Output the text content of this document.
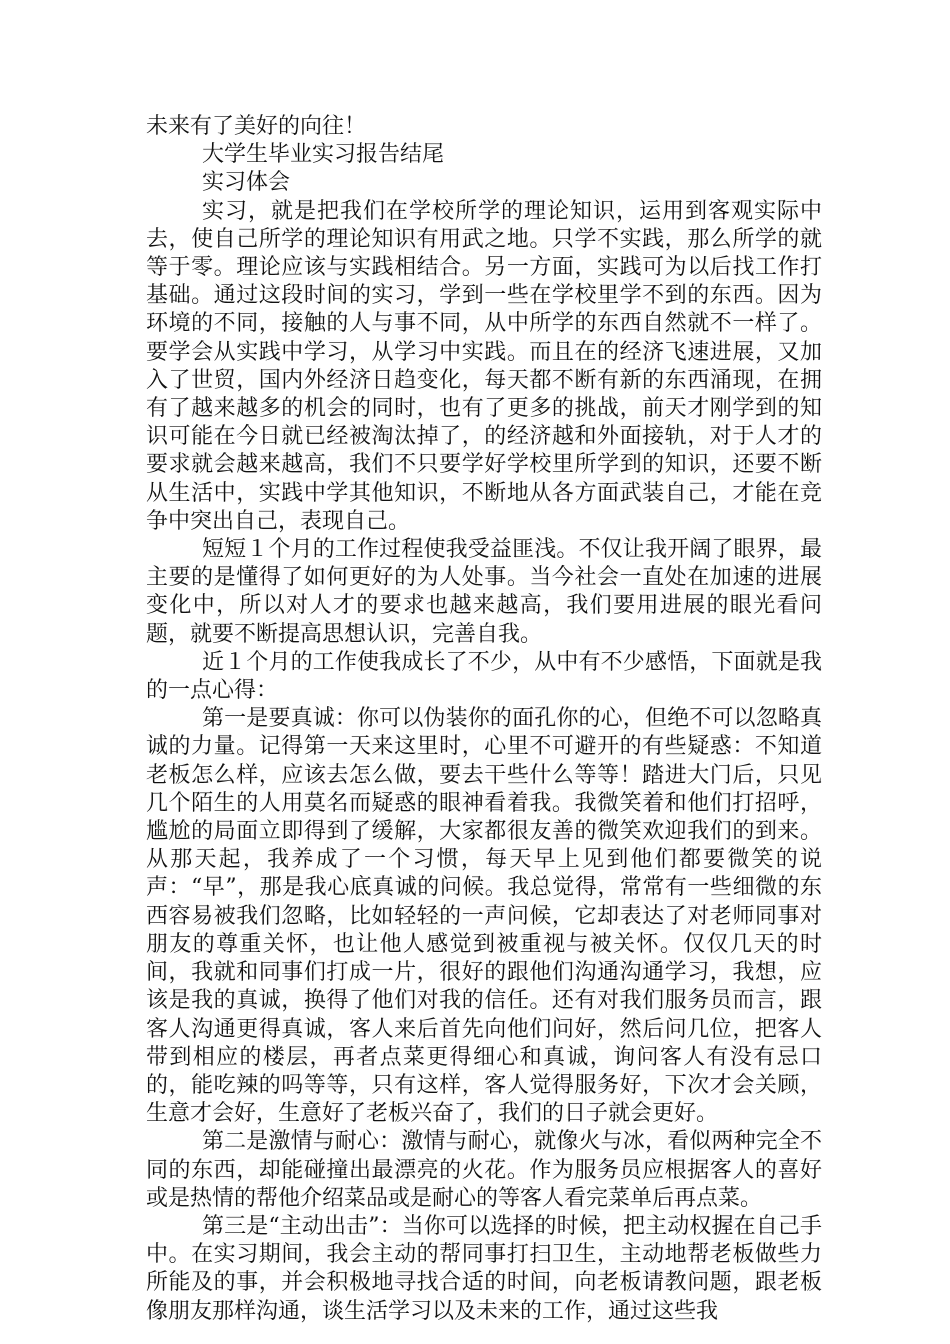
未来有了美好的向往！

大学生毕业实习报告结尾

实习体会

实习，就是把我们在学校所学的理论知识，运用到客观实际中去，使自己所学的理论知识有用武之地。只学不实践，那么所学的就等于零。理论应该与实践相结合。另一方面，实践可为以后找工作打基础。通过这段时间的实习，学到一些在学校里学不到的东西。因为环境的不同，接触的人与事不同，从中所学的东西自然就不一样了。要学会从实践中学习，从学习中实践。而且在的经济飞速进展，又加入了世贸，国内外经济日趋变化，每天都不断有新的东西涌现，在拥有了越来越多的机会的同时，也有了更多的挑战，前天才刚学到的知识可能在今日就已经被淘汰掉了，的经济越和外面接轨，对于人才的要求就会越来越高，我们不只要学好学校里所学到的知识，还要不断从生活中，实践中学其他知识，不断地从各方面武装自己，才能在竞争中突出自己，表现自己。

短短１个月的工作过程使我受益匪浅。不仅让我开阔了眼界，最主要的是懂得了如何更好的为人处事。当今社会一直处在加速的进展变化中，所以对人才的要求也越来越高，我们要用进展的眼光看问题，就要不断提高思想认识，完善自我。

近１个月的工作使我成长了不少，从中有不少感悟，下面就是我的一点心得：

第一是要真诚：你可以伪装你的面孔你的心，但绝不可以忽略真诚的力量。记得第一天来这里时，心里不可避开的有些疑惑：不知道老板怎么样，应该去怎么做，要去干些什么等等！踏进大门后，只见几个陌生的人用莫名而疑惑的眼神看着我。我微笑着和他们打招呼，尴尬的局面立即得到了缓解，大家都很友善的微笑欢迎我们的到来。从那天起，我养成了一个习惯，每天早上见到他们都要微笑的说声：“早”，那是我心底真诚的问候。我总觉得，常常有一些细微的东西容易被我们忽略，比如轻轻的一声问候，它却表达了对老师同事对朋友的尊重关怀，也让他人感觉到被重视与被关怀。仅仅几天的时间，我就和同事们打成一片，很好的跟他们沟通沟通学习，我想，应该是我的真诚，换得了他们对我的信任。还有对我们服务员而言，跟客人沟通更得真诚，客人来后首先向他们问好，然后问几位，把客人带到相应的楼层，再者点菜更得细心和真诚，询问客人有没有忌口的，能吃辣的吗等等，只有这样，客人觉得服务好，下次才会关顾，生意才会好，生意好了老板兴奋了，我们的日子就会更好。

第二是激情与耐心：激情与耐心，就像火与冰，看似两种完全不同的东西，却能碰撞出最漂亮的火花。作为服务员应根据客人的喜好或是热情的帮他介绍菜品或是耐心的等客人看完菜单后再点菜。

第三是“主动出击”：当你可以选择的时候，把主动权握在自己手中。在实习期间，我会主动的帮同事打扫卫生，主动地帮老板做些力所能及的事，并会积极地寻找合适的时间，向老板请教问题，跟老板像朋友那样沟通，谈生活学习以及未来的工作，通过这些我
